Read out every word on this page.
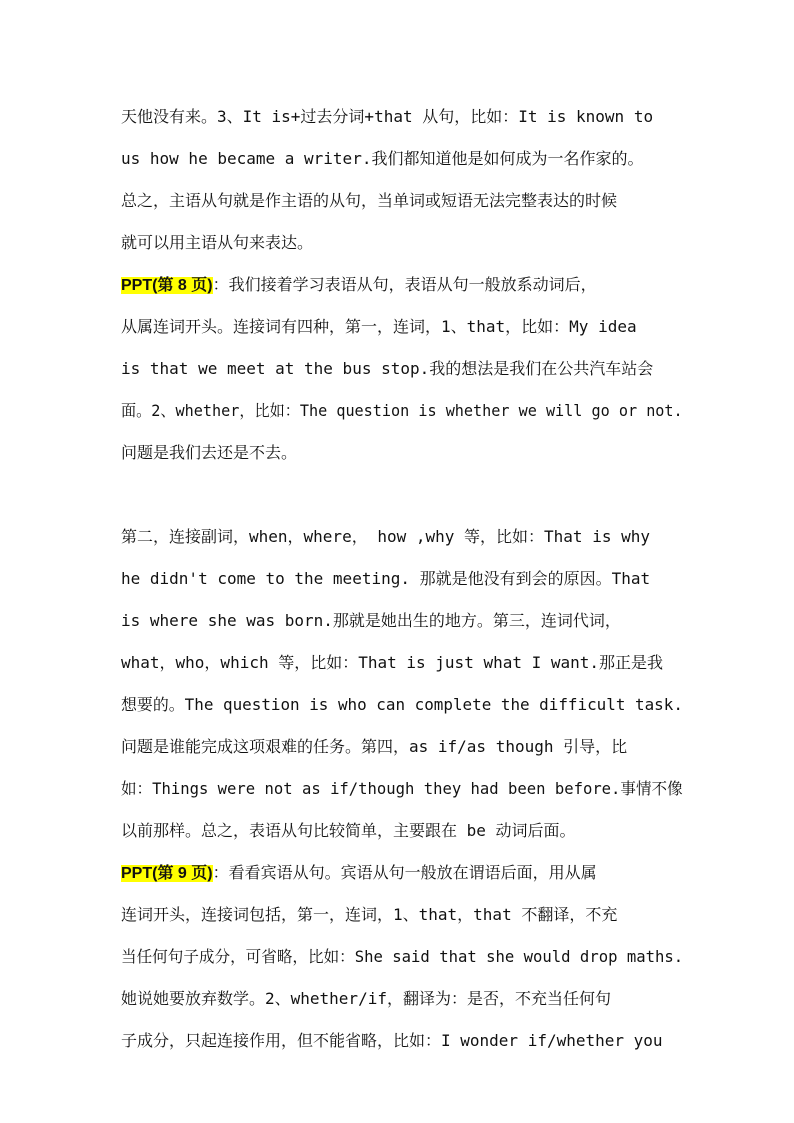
天他没有来。3、It is+过去分词+that 从句，比如：It is known to
us how he became a writer.我们都知道他是如何成为一名作家的。
总之，主语从句就是作主语的从句，当单词或短语无法完整表达的时候
就可以用主语从句来表达。
PPT(第 8 页)：我们接着学习表语从句，表语从句一般放系动词后，
从属连词开头。连接词有四种，第一，连词，1、that，比如：My idea
is that we meet at the bus stop.我的想法是我们在公共汽车站会
面。2、whether，比如：The question is whether we will go or not.
问题是我们去还是不去。
第二，连接副词，when，where， how ,why 等，比如：That is why
he didn't come to the meeting. 那就是他没有到会的原因。That
is where she was born.那就是她出生的地方。第三，连词代词，
what，who，which 等，比如：That is just what I want.那正是我
想要的。The question is who can complete the difficult task.
问题是谁能完成这项艰难的任务。第四，as if/as though 引导，比
如：Things were not as if/though they had been before.事情不像
以前那样。总之，表语从句比较简单，主要跟在 be 动词后面。
PPT(第 9 页)：看看宾语从句。宾语从句一般放在谓语后面，用从属
连词开头，连接词包括，第一，连词，1、that，that 不翻译，不充
当任何句子成分，可省略，比如：She said that she would drop maths.
她说她要放弃数学。2、whether/if，翻译为：是否，不充当任何句
子成分，只起连接作用，但不能省略，比如：I wonder if/whether you
